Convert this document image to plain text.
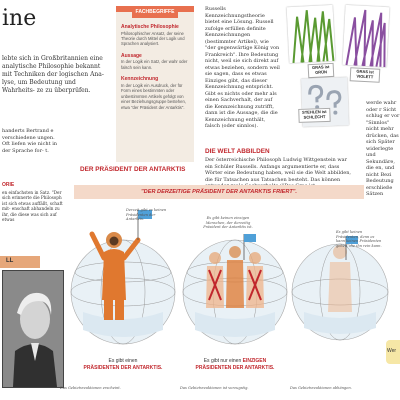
ine
lebte sich in Großbritannien eine analytische Philosophie bekannt mit Techniken der logischen Ana- lyse, um Bedeutung und Wahrheits- ze zu überprüfen.
handerts Bertrand e verschiedene ungen. Oft liefen wie nicht in der Sprache for- t.
ORIE
en einfachsten in Satz. "Der sich erinnerte die Philosoph ist sich etwas auffällt, schaft mit- enschaft abhandeln zu ihr, die diese was sich auf etwas
LL
FACHBEGRIFFE
Analytische Philosophie
Philosophischer Ansatz, der seine Theorie durch Mittel der Logik und Sprachen analysiert.
Aussage
In der Logik ein Satz, der wahr oder falsch sein kann.
Kennzeichnung
In der Logik ein Ausdruck, der für Form eines bestimmten oder unbestimmten Artikels gefolgt von einer Beziehungsgruppe bestehen, etwa "der Präsident der Antarktis".
DER PRÄSIDENT DER ANTARKTIS
Russells Kennzeichnungstheorie bietet eine Lösung. Russell zufolge erfüllen definite Kennzeichnungen (bestimmter Artikel), wie "der gegenwärtige König von Frankreich". Ihre Bedeutung nicht, weil sie sich direkt auf etwas beziehen, sondern weil sie sagen, dass es etwas Einziges gibt, das dieser Kennzeichnung entspricht. Gibt es nichts oder mehr als einen Sachverhalt, der auf die Kennzeichnung zutrifft, dann ist die Aussage, die die Kennzeichnung enthält, falsch (oder sinnlos).
DIE WELT ABBILDEN
Der österreichische Philosoph Ludwig Wittgenstein war ein Schüler Russells. Anfangs argumentierte er, dass Wörter eine Bedeutung haben, weil sie die Welt abbilden, die für Tatsachen aus Tatsachen besteht. Das können
werde wahr oder r Sicht schlug er vor "Sinnlos" nicht mehr drücken, das sich Später widerlegte und Sekundäre, die en, und nicht Bezi Bedeutung erschließe Sätzen
GRAS ist GRÜN	GRAS ist VIOLETT
STEHLEN ist SCHLECHT
"DER DERZEITIGE PRÄSIDENT DER ANTARKTIS FRIERT".
Derzeit gibt es keinen Präsidenten der Antarktis.
Es gibt einen
PRÄSIDENTEN DER ANTARKTIS.
Das Gebietsreaktionen erscheint.
Es gibt keinen einzigen Menschen, der derzeitig Präsident der Antarktis ist.
Es gibt nur einen EINZIGEN
PRÄSIDENTEN DER ANTARKTIS.
Das Gebietsreaktionen ist vorzugstig.
Es gibt keinen Präsidenten, denn es kann keinen Präsidenten geben, die ihn rein kann.
Das Gebietsreaktionen abhängen.
Wer
